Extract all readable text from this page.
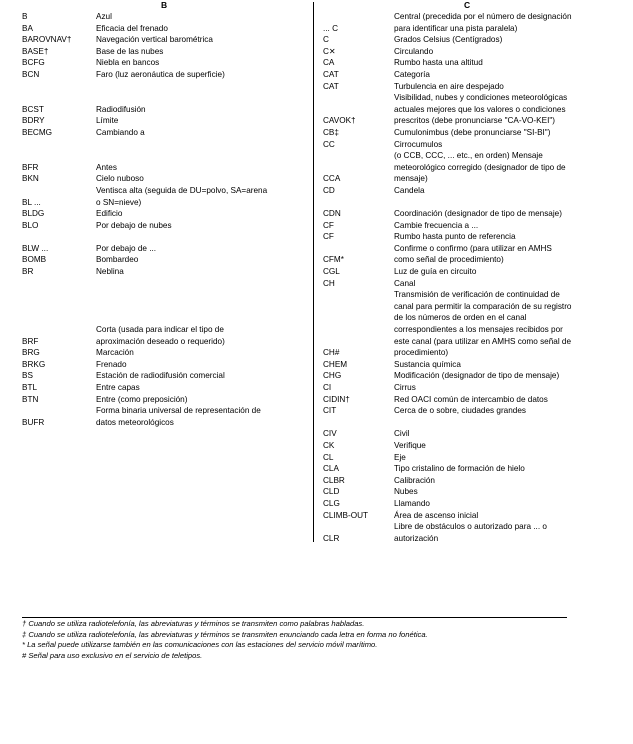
B	C
B	Azul
BA	Eficacia del frenado
BAROVNAV†	Navegación vertical barométrica
BASE†	Base de las nubes
BCFG	Niebla en bancos
BCN	Faro (luz aeronáutica de superficie)
BCST	Radiodifusión
BDRY	Límite
BECMG	Cambiando a
BFR	Antes
BKN	Cielo nuboso
Ventisca alta (seguida de DU=polvo, SA=arena
BL ...	o SN=nieve)
BLDG	Edificio
BLO	Por debajo de nubes
BLW ...	Por debajo de ...
BOMB	Bombardeo
BR	Neblina
Corta (usada para indicar el tipo de
BRF	aproximación deseado o requerido)
BRG	Marcación
BRKG	Frenado
BS	Estación de radiodifusión comercial
BTL	Entre capas
BTN	Entre (como preposición)
Forma binaria universal de representación de
BUFR	datos meteorológicos
Central (precedida por el número de designación
... C	para identificar una pista paralela)
C	Grados Celsius (Centígrados)
C✕	Circulando
CA	Rumbo hasta una altitud
CAT	Categoría
CAT	Turbulencia en aire despejado
Visibilidad, nubes y condiciones meteorológicas
actuales mejores que los valores o condiciones
CAVOK†	prescritos (debe pronunciarse "CA-VO-KEI")
CB‡	Cumulonimbus (debe pronunciarse "SI-BI")
CC	Cirrocumulos
(o CCB, CCC, ... etc., en orden) Mensaje
meteorológico corregido (designador de tipo de
CCA	mensaje)
CD	Candela
CDN	Coordinación (designador de tipo de mensaje)
CF	Cambie frecuencia a ...
CF	Rumbo hasta punto de referencia
Confirme o confirmo (para utilizar en AMHS
CFM*	como señal de procedimiento)
CGL	Luz de guía en circuito
CH	Canal
Transmisión de verificación de continuidad de
canal para permitir la comparación de su registro
de los números de orden en el canal
correspondientes a los mensajes recibidos por
este canal (para utilizar en AMHS como señal de
CH#	procedimiento)
CHEM	Sustancia química
CHG	Modificación (designador de tipo de mensaje)
CI	Cirrus
CIDIN†	Red OACI común de intercambio de datos
CIT	Cerca de o sobre, ciudades grandes
CIV	Civil
CK	Verifique
CL	Eje
CLA	Tipo cristalino de formación de hielo
CLBR	Calibración
CLD	Nubes
CLG	Llamando
CLIMB-OUT	Área de ascenso inicial
Libre de obstáculos o autorizado para ... o
CLR	autorización
† Cuando se utiliza radiotelefonía, las abreviaturas y términos se transmiten como palabras habladas.
‡ Cuando se utiliza radiotelefonía, las abreviaturas y términos se transmiten enunciando cada letra en forma no fonética.
* La señal puede utilizarse también en las comunicaciones con las estaciones del servicio móvil marítimo.
# Señal para uso exclusivo en el servicio de teletipos.
